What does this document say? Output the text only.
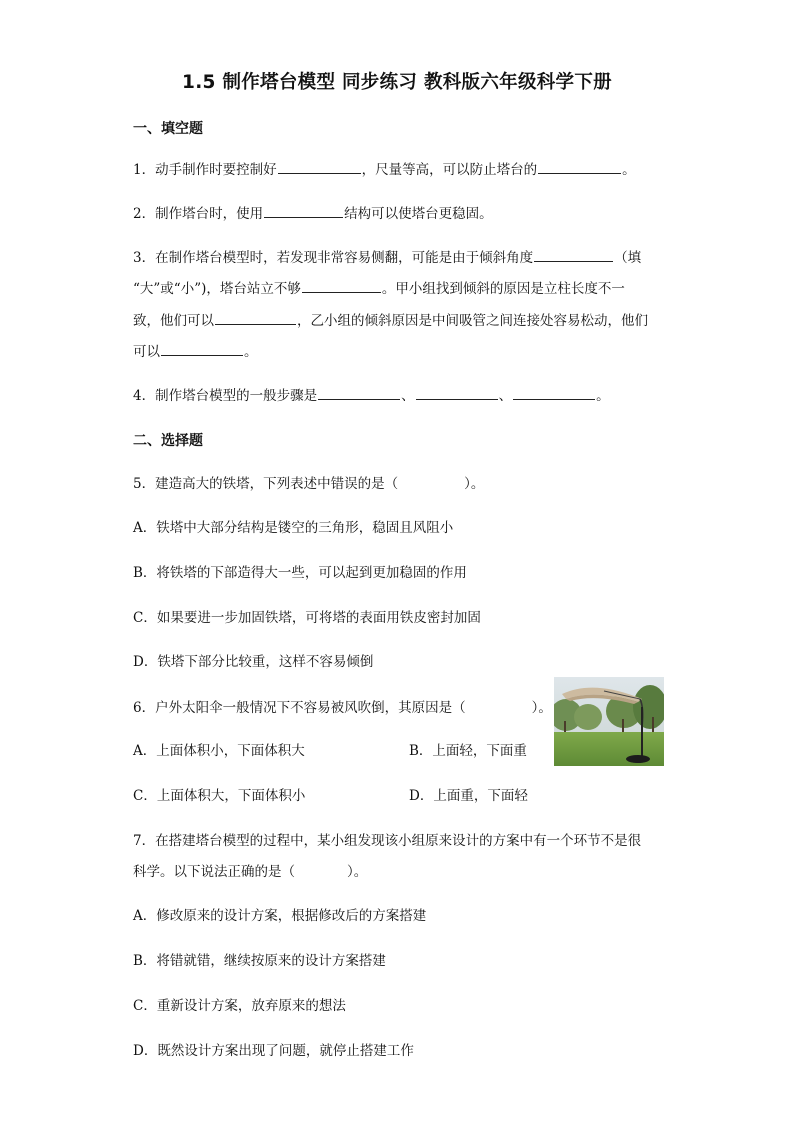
1.5 制作塔台模型 同步练习 教科版六年级科学下册
一、填空题
1．动手制作时要控制好	，尺量等高，可以防止塔台的	。
2．制作塔台时，使用	结构可以使塔台更稳固。
3．在制作塔台模型时，若发现非常容易侧翻，可能是由于倾斜角度	（填
“大”或“小”)，塔台站立不够	。甲小组找到倾斜的原因是立柱长度不一
致，他们可以	，乙小组的倾斜原因是中间吸管之间连接处容易松动，他们
可以	。
4．制作塔台模型的一般步骤是	、	、	。
二、选择题
5．建造高大的铁塔，下列表述中错误的是（	）。
A．铁塔中大部分结构是镂空的三角形，稳固且风阻小
B．将铁塔的下部造得大一些，可以起到更加稳固的作用
C．如果要进一步加固铁塔，可将塔的表面用铁皮密封加固
D．铁塔下部分比较重，这样不容易倾倒
6．户外太阳伞一般情况下不容易被风吹倒，其原因是（	）。
A．上面体积小，下面体积大	B．上面轻，下面重
C．上面体积大，下面体积小	D．上面重，下面轻
7．在搭建塔台模型的过程中，某小组发现该小组原来设计的方案中有一个环节不是很
科学。以下说法正确的是（	）。
A．修改原来的设计方案，根据修改后的方案搭建
B．将错就错，继续按原来的设计方案搭建
C．重新设计方案，放弃原来的想法
D．既然设计方案出现了问题，就停止搭建工作
